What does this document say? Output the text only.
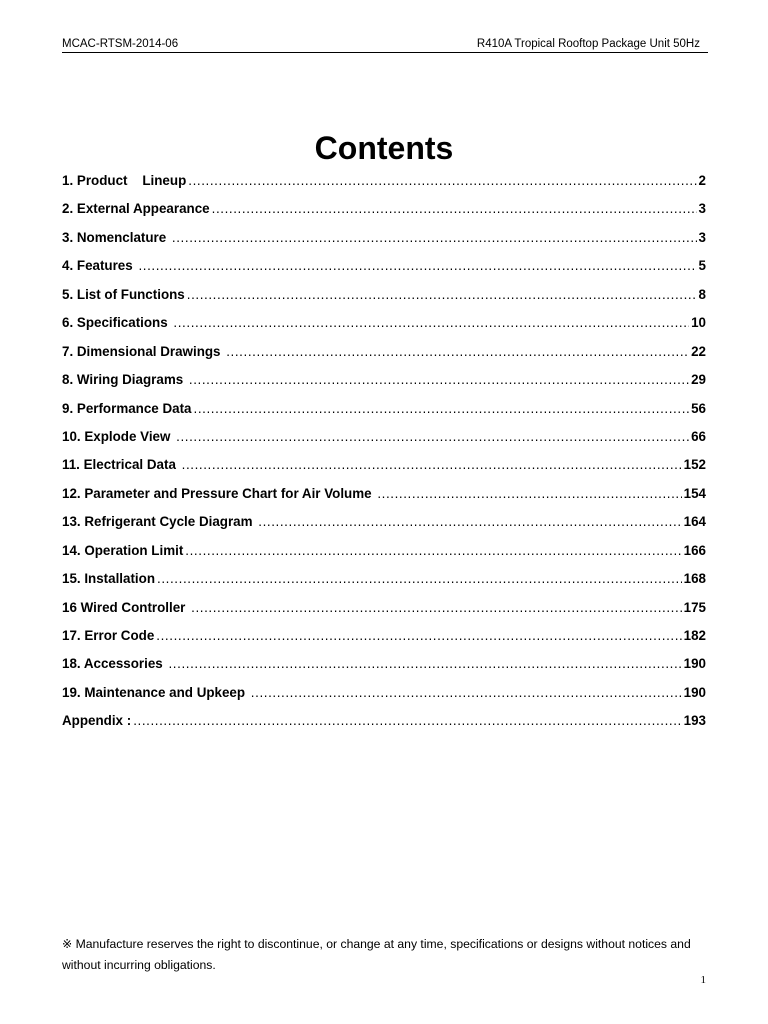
MCAC-RTSM-2014-06	R410A Tropical Rooftop Package Unit 50Hz
Contents
1. Product    Lineup .....	2
2. External Appearance .....	3
3. Nomenclature .....	3
4. Features .....	5
5. List of Functions .....	8
6. Specifications .....	10
7. Dimensional Drawings .....	22
8. Wiring Diagrams .....	29
9. Performance Data .....	56
10. Explode View .....	66
11. Electrical Data .....	152
12. Parameter and Pressure Chart for Air Volume .....	154
13. Refrigerant Cycle Diagram .....	164
14. Operation Limit .....	166
15. Installation .....	168
16 Wired Controller .....	175
17. Error Code .....	182
18. Accessories .....	190
19. Maintenance and Upkeep .....	190
Appendix : .....	193
※ Manufacture reserves the right to discontinue, or change at any time, specifications or designs without notices and without incurring obligations.
1
